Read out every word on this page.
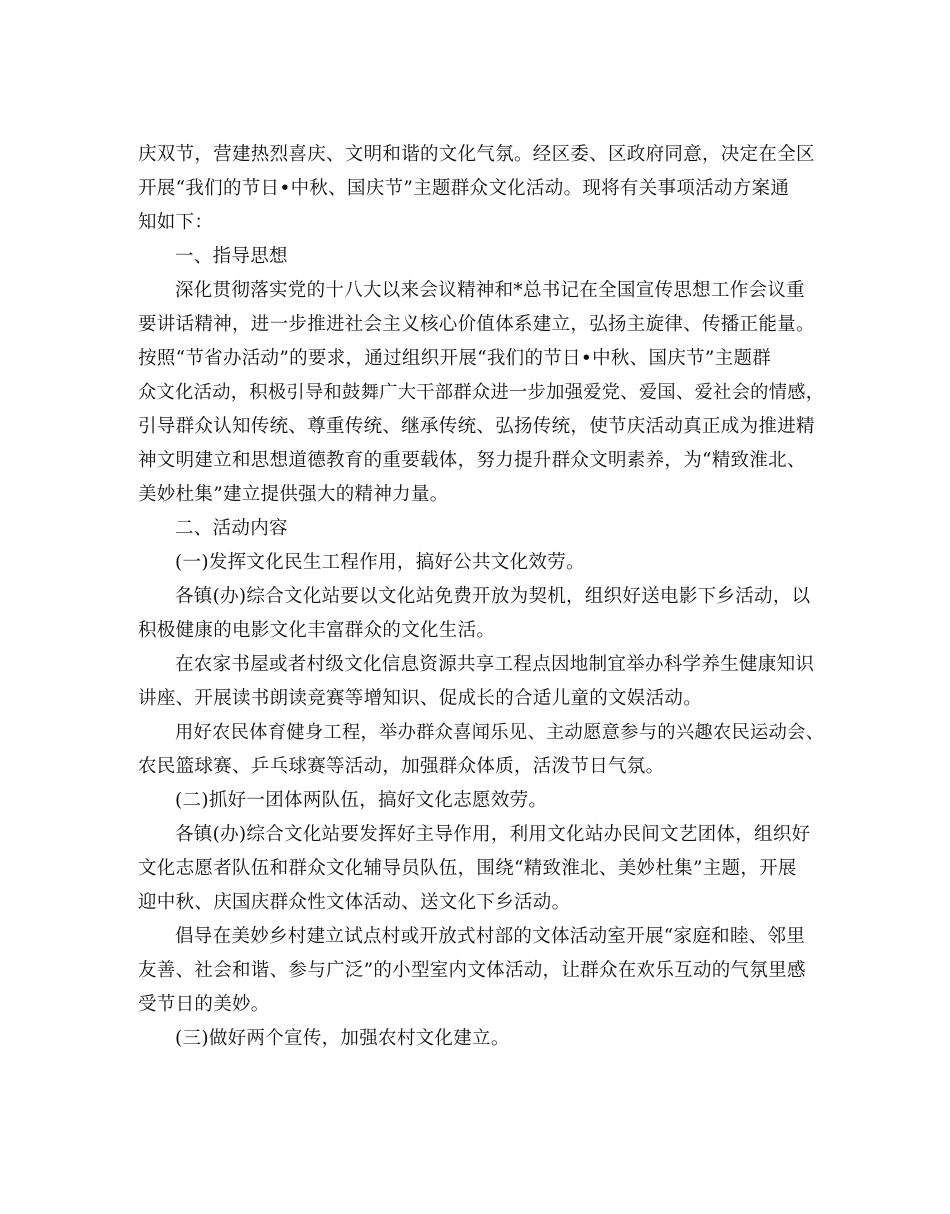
庆双节，营建热烈喜庆、文明和谐的文化气氛。经区委、区政府同意，决定在全区
开展“我们的节日•中秋、国庆节”主题群众文化活动。现将有关事项活动方案通
知如下：
一、指导思想
深化贯彻落实党的十八大以来会议精神和*总书记在全国宣传思想工作会议重
要讲话精神，进一步推进社会主义核心价值体系建立，弘扬主旋律、传播正能量。
按照“节省办活动”的要求，通过组织开展“我们的节日•中秋、国庆节”主题群
众文化活动，积极引导和鼓舞广大干部群众进一步加强爱党、爱国、爱社会的情感，
引导群众认知传统、尊重传统、继承传统、弘扬传统，使节庆活动真正成为推进精
神文明建立和思想道德教育的重要载体，努力提升群众文明素养，为“精致淮北、
美妙杜集”建立提供强大的精神力量。
二、活动内容
(一)发挥文化民生工程作用，搞好公共文化效劳。
各镇(办)综合文化站要以文化站免费开放为契机，组织好送电影下乡活动，以
积极健康的电影文化丰富群众的文化生活。
在农家书屋或者村级文化信息资源共享工程点因地制宜举办科学养生健康知识
讲座、开展读书朗读竞赛等增知识、促成长的合适儿童的文娱活动。
用好农民体育健身工程，举办群众喜闻乐见、主动愿意参与的兴趣农民运动会、
农民篮球赛、乒乓球赛等活动，加强群众体质，活泼节日气氛。
(二)抓好一团体两队伍，搞好文化志愿效劳。
各镇(办)综合文化站要发挥好主导作用，利用文化站办民间文艺团体，组织好
文化志愿者队伍和群众文化辅导员队伍，围绕“精致淮北、美妙杜集”主题，开展
迎中秋、庆国庆群众性文体活动、送文化下乡活动。
倡导在美妙乡村建立试点村或开放式村部的文体活动室开展“家庭和睦、邻里
友善、社会和谐、参与广泛”的小型室内文体活动，让群众在欢乐互动的气氛里感
受节日的美妙。
(三)做好两个宣传，加强农村文化建立。
